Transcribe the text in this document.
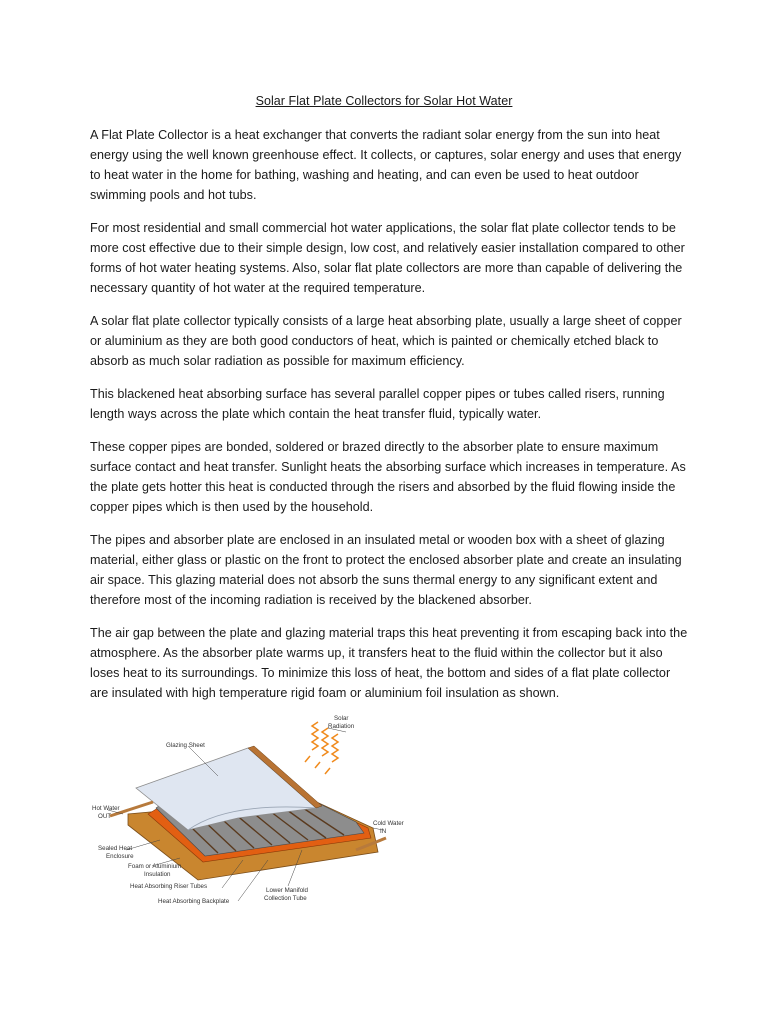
Solar Flat Plate Collectors for Solar Hot Water

A Flat Plate Collector is a heat exchanger that converts the radiant solar energy from the sun into heat energy using the well known greenhouse effect. It collects, or captures, solar energy and uses that energy to heat water in the home for bathing, washing and heating, and can even be used to heat outdoor swimming pools and hot tubs.

For most residential and small commercial hot water applications, the solar flat plate collector tends to be more cost effective due to their simple design, low cost, and relatively easier installation compared to other forms of hot water heating systems. Also, solar flat plate collectors are more than capable of delivering the necessary quantity of hot water at the required temperature.

A solar flat plate collector typically consists of a large heat absorbing plate, usually a large sheet of copper or aluminium as they are both good conductors of heat, which is painted or chemically etched black to absorb as much solar radiation as possible for maximum efficiency.

This blackened heat absorbing surface has several parallel copper pipes or tubes called risers, running length ways across the plate which contain the heat transfer fluid, typically water.

These copper pipes are bonded, soldered or brazed directly to the absorber plate to ensure maximum surface contact and heat transfer. Sunlight heats the absorbing surface which increases in temperature. As the plate gets hotter this heat is conducted through the risers and absorbed by the fluid flowing inside the copper pipes which is then used by the household.

The pipes and absorber plate are enclosed in an insulated metal or wooden box with a sheet of glazing material, either glass or plastic on the front to protect the enclosed absorber plate and create an insulating air space. This glazing material does not absorb the suns thermal energy to any significant extent and therefore most of the incoming radiation is received by the blackened absorber.

The air gap between the plate and glazing material traps this heat preventing it from escaping back into the atmosphere. As the absorber plate warms up, it transfers heat to the fluid within the collector but it also loses heat to its surroundings. To minimize this loss of heat, the bottom and sides of a flat plate collector are insulated with high temperature rigid foam or aluminium foil insulation as shown.

Solar Radiation
Glazing Sheet
Hot Water OUT
Cold Water IN
Sealed Heat Enclosure
Foam or Aluminium Insulation
Heat Absorbing Riser Tubes
Heat Absorbing Backplate
Lower Manifold Collection Tube
